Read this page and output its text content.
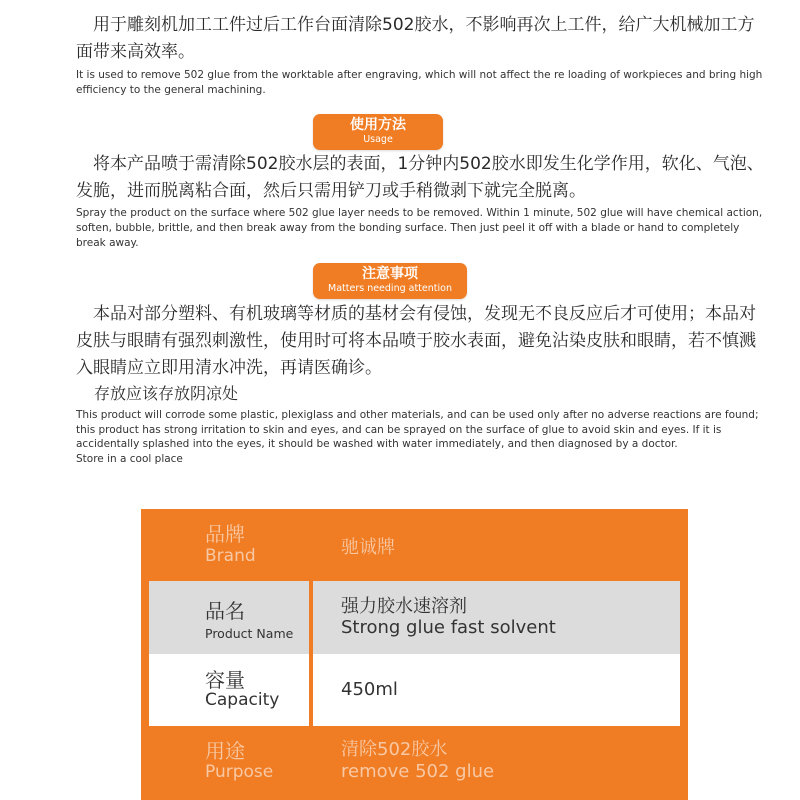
用于雕刻机加工工件过后工作台面清除502胶水，不影响再次上工件，给广大机械加工方面带来高效率。
It is used to remove 502 glue from the worktable after engraving, which will not affect the re loading of workpieces and bring high efficiency to the general machining.
使用方法
Usage
将本产品喷于需清除502胶水层的表面，1分钟内502胶水即发生化学作用，软化、气泡、发脆，进而脱离粘合面，然后只需用铲刀或手稍微剥下就完全脱离。
Spray the product on the surface where 502 glue layer needs to be removed. Within 1 minute, 502 glue will have chemical action, soften, bubble, brittle, and then break away from the bonding surface. Then just peel it off with a blade or hand to completely break away.
注意事项
Matters needing attention
本品对部分塑料、有机玻璃等材质的基材会有侵蚀，发现无不良反应后才可使用；本品对皮肤与眼睛有强烈刺激性，使用时可将本品喷于胶水表面，避免沾染皮肤和眼睛，若不慎溅入眼睛应立即用清水冲洗，再请医确诊。
存放应该存放阴凉处
This product will corrode some plastic, plexiglass and other materials, and can be used only after no adverse reactions are found; this product has strong irritation to skin and eyes, and can be sprayed on the surface of glue to avoid skin and eyes. If it is accidentally splashed into the eyes, it should be washed with water immediately, and then diagnosed by a doctor.
Store in a cool place
品牌
Brand	驰诚牌
品名
Product Name
强力胶水速溶剂
Strong glue fast solvent
容量
Capacity	450ml
用途
Purpose
清除502胶水
remove 502 glue
